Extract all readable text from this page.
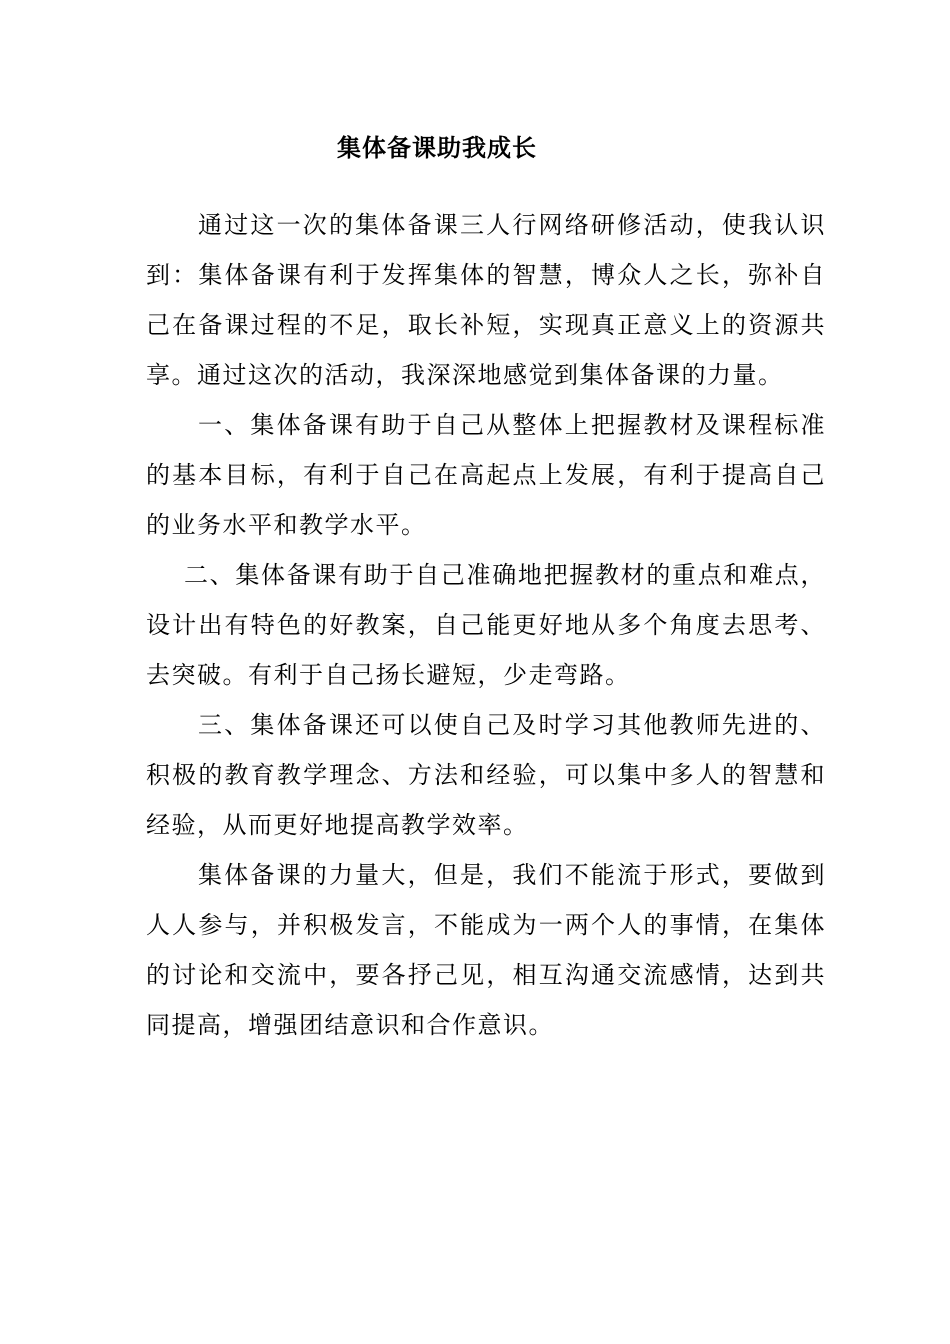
集体备课助我成长

通过这一次的集体备课三人行网络研修活动，使我认识到：集体备课有利于发挥集体的智慧，博众人之长，弥补自己在备课过程的不足，取长补短，实现真正意义上的资源共享。通过这次的活动，我深深地感觉到集体备课的力量。

一、集体备课有助于自己从整体上把握教材及课程标准的基本目标，有利于自己在高起点上发展，有利于提高自己的业务水平和教学水平。

二、集体备课有助于自己准确地把握教材的重点和难点，设计出有特色的好教案，自己能更好地从多个角度去思考、去突破。有利于自己扬长避短，少走弯路。

三、集体备课还可以使自己及时学习其他教师先进的、积极的教育教学理念、方法和经验，可以集中多人的智慧和经验，从而更好地提高教学效率。

集体备课的力量大，但是，我们不能流于形式，要做到人人参与，并积极发言，不能成为一两个人的事情，在集体的讨论和交流中，要各抒己见，相互沟通交流感情，达到共同提高，增强团结意识和合作意识。
